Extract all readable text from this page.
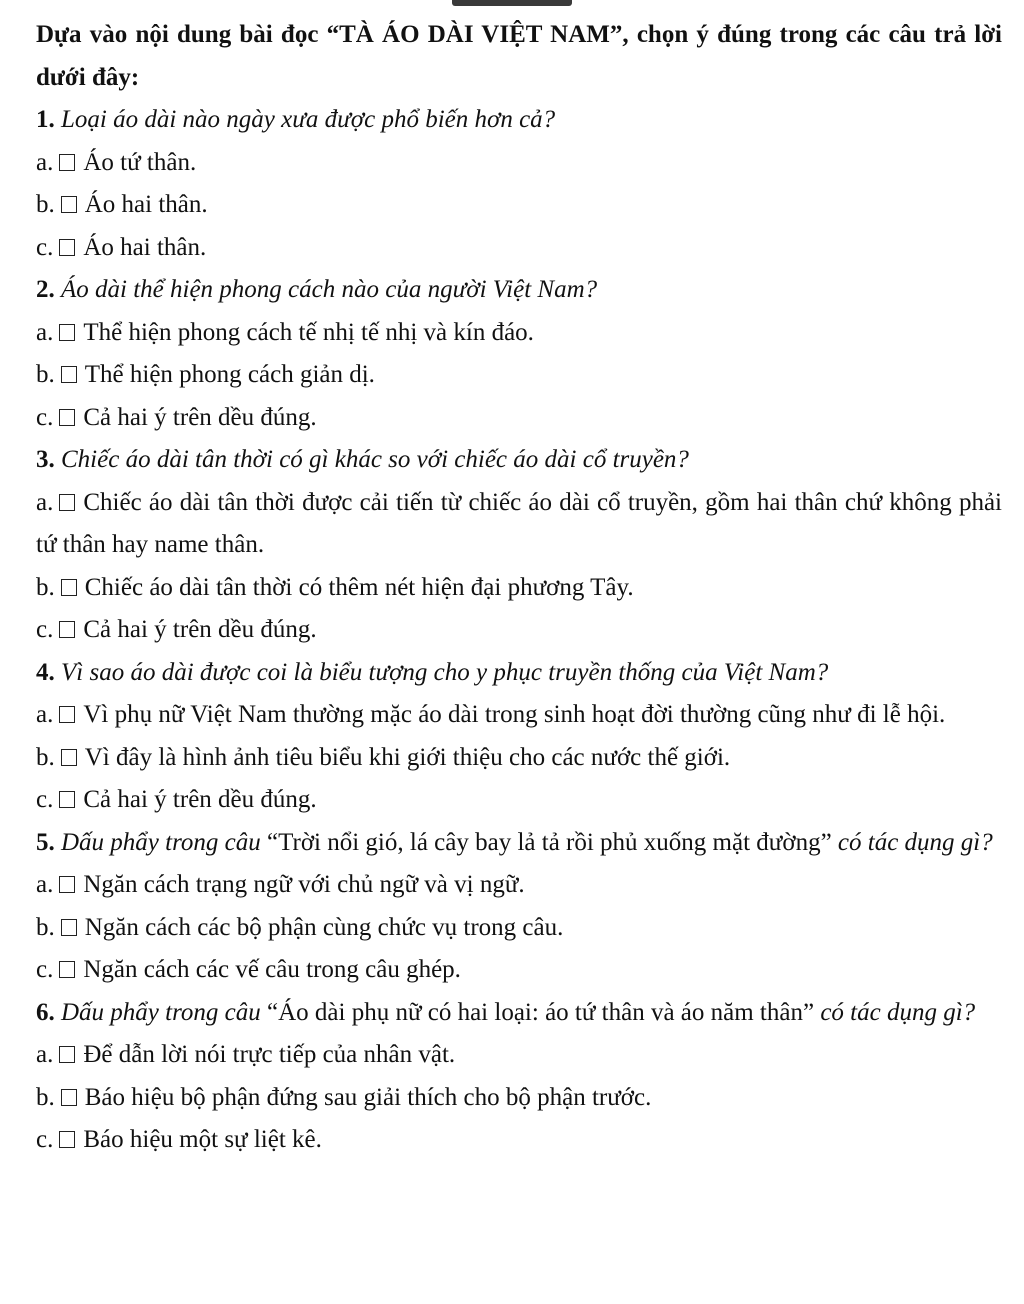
Dựa vào nội dung bài đọc “TÀ ÁO DÀI VIỆT NAM”, chọn ý đúng trong các câu trả lời dưới đây:
1. Loại áo dài nào ngày xưa được phổ biến hơn cả?
a. Áo tứ thân.
b. Áo hai thân.
c. Áo hai thân.
2. Áo dài thể hiện phong cách nào của người Việt Nam?
a. Thể hiện phong cách tế nhị tế nhị và kín đáo.
b. Thể hiện phong cách giản dị.
c. Cả hai ý trên dều đúng.
3. Chiếc áo dài tân thời có gì khác so với chiếc áo dài cổ truyền?
a. Chiếc áo dài tân thời được cải tiến từ chiếc áo dài cổ truyền, gồm hai thân chứ không phải tứ thân hay name thân.
b. Chiếc áo dài tân thời có thêm nét hiện đại phương Tây.
c. Cả hai ý trên dều đúng.
4. Vì sao áo dài được coi là biểu tượng cho y phục truyền thống của Việt Nam?
a. Vì phụ nữ Việt Nam thường mặc áo dài trong sinh hoạt đời thường cũng như đi lễ hội.
b. Vì đây là hình ảnh tiêu biểu khi giới thiệu cho các nước thế giới.
c. Cả hai ý trên dều đúng.
5. Dấu phẩy trong câu “Trời nổi gió, lá cây bay lả tả rồi phủ xuống mặt đường” có tác dụng gì?
a. Ngăn cách trạng ngữ với chủ ngữ và vị ngữ.
b. Ngăn cách các bộ phận cùng chức vụ trong câu.
c. Ngăn cách các vế câu trong câu ghép.
6. Dấu phẩy trong câu “Áo dài phụ nữ có hai loại: áo tứ thân và áo năm thân” có tác dụng gì?
a. Để dẫn lời nói trực tiếp của nhân vật.
b. Báo hiệu bộ phận đứng sau giải thích cho bộ phận trước.
c. Báo hiệu một sự liệt kê.
